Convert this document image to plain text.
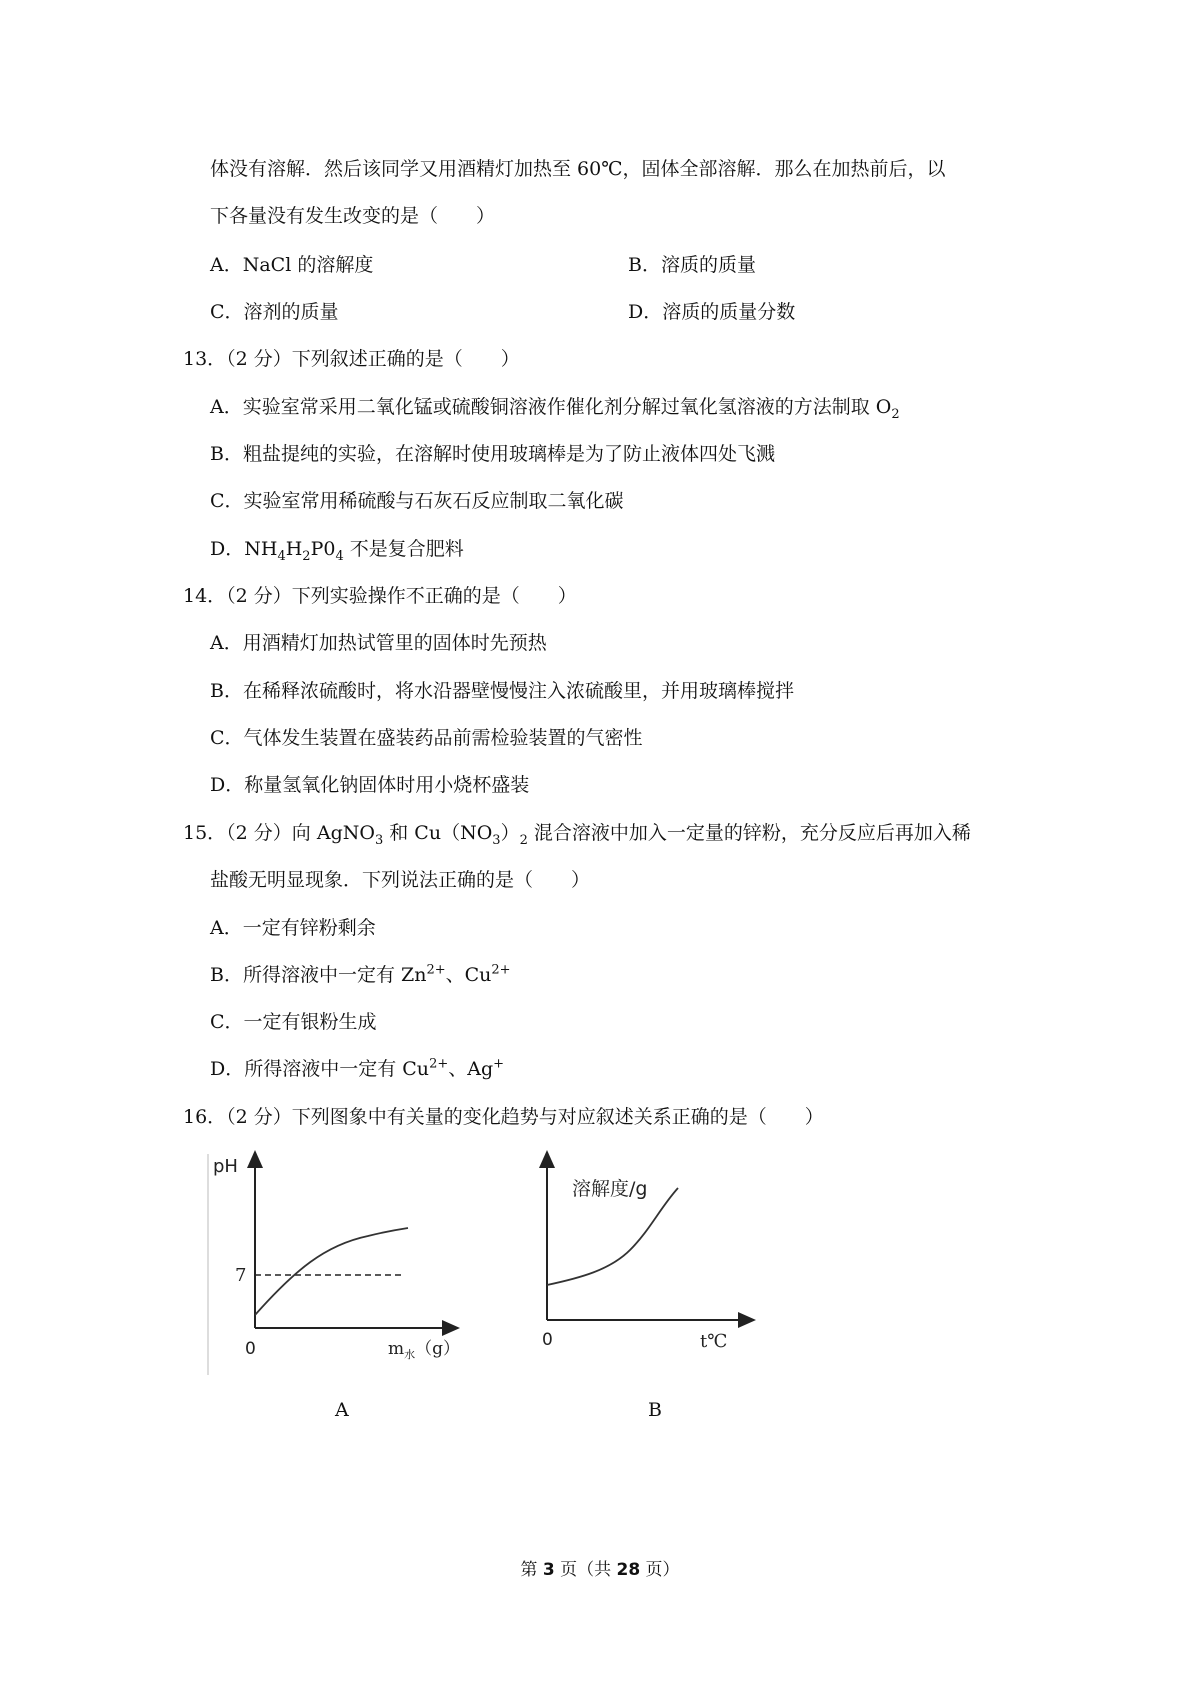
体没有溶解．然后该同学又用酒精灯加热至 60℃，固体全部溶解．那么在加热前后，以
下各量没有发生改变的是（　　）
A．NaCl 的溶解度	B．溶质的质量
C．溶剂的质量	D．溶质的质量分数
13．（2 分）下列叙述正确的是（　　）
A．实验室常采用二氧化锰或硫酸铜溶液作催化剂分解过氧化氢溶液的方法制取 $O_2$
B．粗盐提纯的实验，在溶解时使用玻璃棒是为了防止液体四处飞溅
C．实验室常用稀硫酸与石灰石反应制取二氧化碳
D．$NH_4H_2P0_4$ 不是复合肥料
14．（2 分）下列实验操作不正确的是（　　）
A．用酒精灯加热试管里的固体时先预热
B．在稀释浓硫酸时，将水沿器壁慢慢注入浓硫酸里，并用玻璃棒搅拌
C．气体发生装置在盛装药品前需检验装置的气密性
D．称量氢氧化钠固体时用小烧杯盛装
15．（2 分）向 AgNO$_3$ 和 $Cu(NO_3)_2$ 混合溶液中加入一定量的锌粉，充分反应后再加入稀
盐酸无明显现象．下列说法正确的是（　　）
A．一定有锌粉剩余
B．所得溶液中一定有 $Zn^{2+}$、$Cu^{2+}$
C．一定有银粉生成
D．所得溶液中一定有 $Cu^{2+}$、Ag+
16．（2 分）下列图象中有关量的变化趋势与对应叙述关系正确的是（　　）
pH
7
0	$m_水(g)$
A
溶解度/g
0	t℃
B
第 3 页（共 28 页）
